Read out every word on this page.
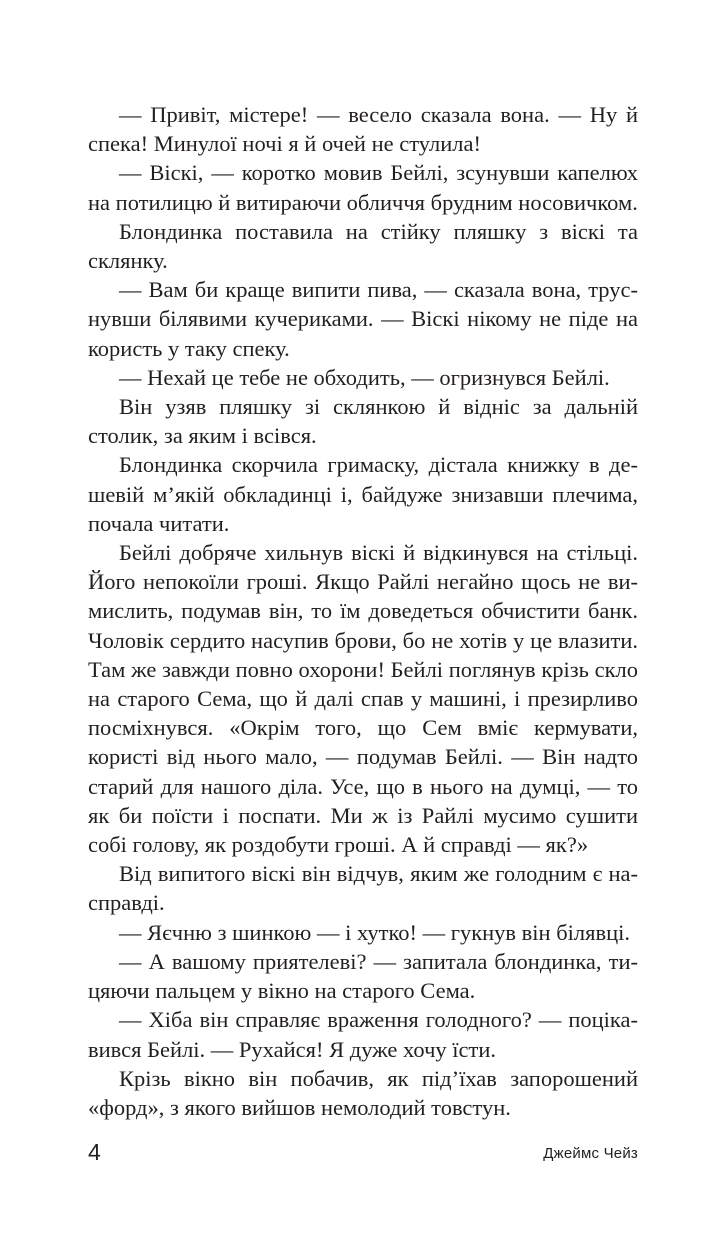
— Привіт, містере! — весело сказала вона. — Ну й спека! Минулої ночі я й очей не стулила!

— Віскі, — коротко мовив Бейлі, зсунувши капелюх на потилицю й витираючи обличчя брудним носовичком.

Блондинка поставила на стійку пляшку з віскі та склянку.

— Вам би краще випити пива, — сказала вона, труснувши білявими кучериками. — Віскі нікому не піде на користь у таку спеку.

— Нехай це тебе не обходить, — огризнувся Бейлі.

Він узяв пляшку зі склянкою й відніс за дальній столик, за яким і всівся.

Блондинка скорчила гримаску, дістала книжку в дешевій м’якій обкладинці і, байдуже знизавши плечима, почала читати.

Бейлі добряче хильнув віскі й відкинувся на стільці. Його непокоїли гроші. Якщо Райлі негайно щось не вимислить, подумав він, то їм доведеться обчистити банк. Чоловік сердито насупив брови, бо не хотів у це влазити. Там же завжди повно охорони! Бейлі поглянув крізь скло на старого Сема, що й далі спав у машині, і презирливо посміхнувся. «Окрім того, що Сем вміє кермувати, користі від нього мало, — подумав Бейлі. — Він надто старий для нашого діла. Усе, що в нього на думці, — то як би поїсти і поспати. Ми ж із Райлі мусимо сушити собі голову, як роздобути гроші. А й справді — як?»

Від випитого віскі він відчув, яким же голодним є насправді.

— Яєчню з шинкою — і хутко! — гукнув він білявці.

— А вашому приятелеві? — запитала блондинка, тицяючи пальцем у вікно на старого Сема.

— Хіба він справляє враження голодного? — поцікавився Бейлі. — Рухайся! Я дуже хочу їсти.

Крізь вікно він побачив, як під’їхав запорошений «форд», з якого вийшов немолодий товстун.

4	Джеймс Чейз
